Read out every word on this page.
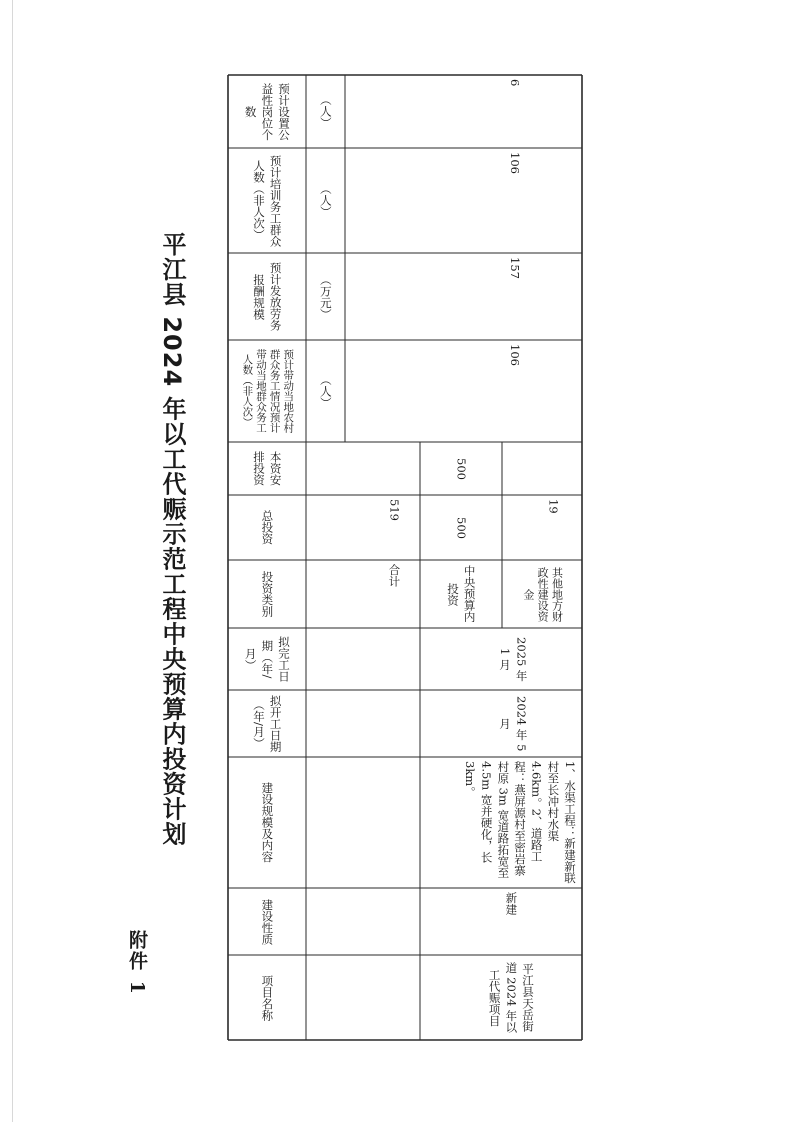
附件 1
平江县 2024 年以工代赈示范工程中央预算内投资计划
项目名称
建设性质
建设规模及内容
拟开工日期（年/月）
拟完工日期（年/月）
投资类别
总投资
本资安排投资
预计带动当地农村群众务工情况预计带动当地群众务工人数（非人次）
预计发放劳务报酬规模
预计培训务工群众人数（非人次）
预计设置公益性岗位个数
（人）
（万元）
（人）
（人）
平江县天岳街道 2024 年以工代赈项目
新建
1、水渠工程：新建新联村至长冲村水渠4.6km。2、道路工程：燕屏源村至密岩寨村原 3m 宽道路拓宽至 4.5m 宽并硬化，长 3km。
2024 年 5 月
2025 年 1 月
合计
519
中央预算内投资
500
500
其他地方财政性建设资金
19
106
157
106
6
